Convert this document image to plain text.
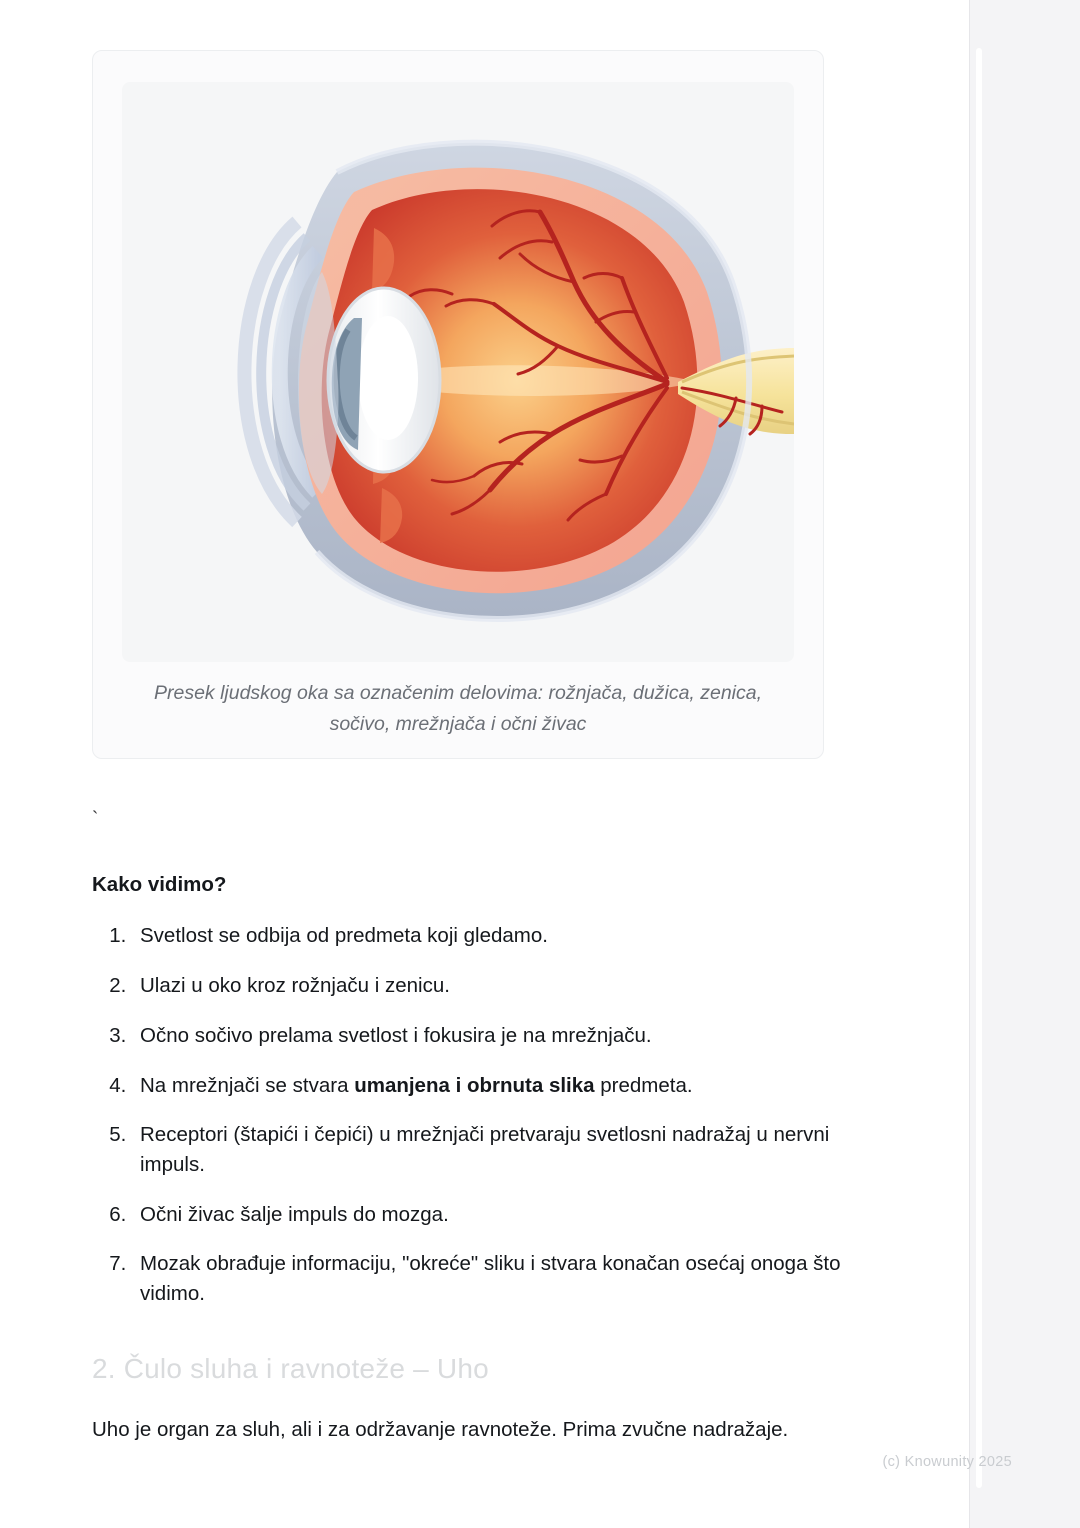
Presek ljudskog oka sa označenim delovima: rožnjača, dužica, zenica, sočivo, mrežnjača i očni živac
`
Kako vidimo?
1. Svetlost se odbija od predmeta koji gledamo.
2. Ulazi u oko kroz rožnjaču i zenicu.
3. Očno sočivo prelama svetlost i fokusira je na mrežnjaču.
4. Na mrežnjači se stvara umanjena i obrnuta slika predmeta.
5. Receptori (štapići i čepići) u mrežnjači pretvaraju svetlosni nadražaj u nervni impuls.
6. Očni živac šalje impuls do mozga.
7. Mozak obrađuje informaciju, "okreće" sliku i stvara konačan osećaj onoga što vidimo.
2. Čulo sluha i ravnoteže – Uho

Uho je organ za sluh, ali i za održavanje ravnoteže. Prima zvučne nadražaje.

(c) Knowunity 2025
